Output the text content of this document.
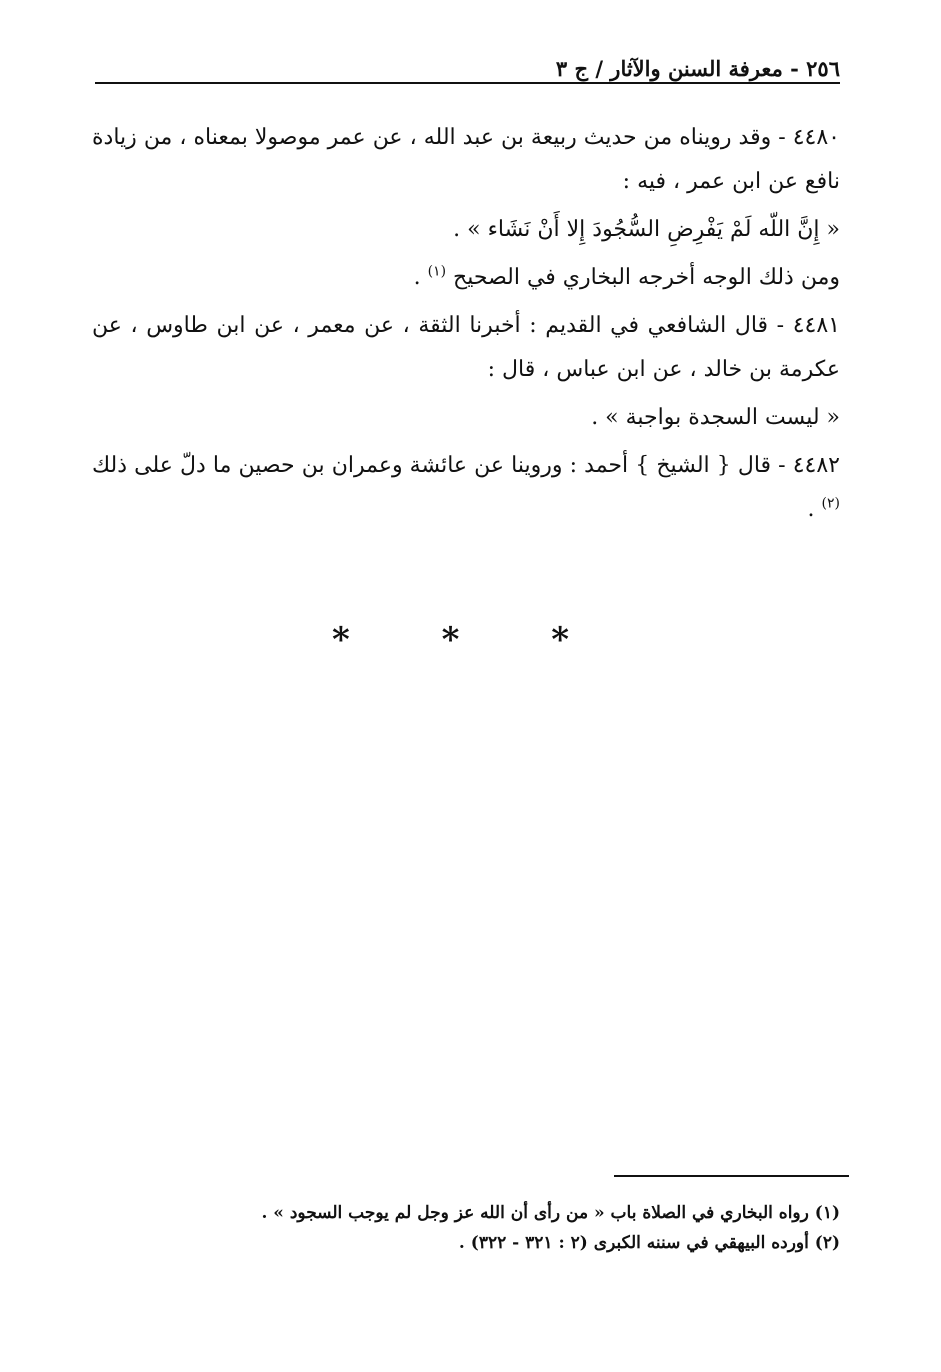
٢٥٦ - معرفة السنن والآثار / ج ٣

٤٤٨٠ - وقد رويناه من حديث ربيعة بن عبد الله ، عن عمر موصولا بمعناه ، من زيادة نافع عن ابن عمر ، فيه :

« إِنَّ اللّه لَمْ يَفْرِضِ السُّجُودَ إِلا أَنْ نَشَاء » .

ومن ذلك الوجه أخرجه البخاري في الصحيح $^{(١)}$ .

٤٤٨١ - قال الشافعي في القديم : أخبرنا الثقة ، عن معمر ، عن ابن طاوس ، عن عكرمة بن خالد ، عن ابن عباس ، قال :

« ليست السجدة بواجبة » .

٤٤٨٢ - قال { الشيخ } أحمد : وروينا عن عائشة وعمران بن حصين ما دلّ على ذلك $^{(٢)}$ .

* * *

(١) رواه البخاري في الصلاة باب « من رأى أن الله عز وجل لم يوجب السجود » .

(٢) أورده البيهقي في سننه الكبرى (٢ : ٣٢١ - ٣٢٢) .
